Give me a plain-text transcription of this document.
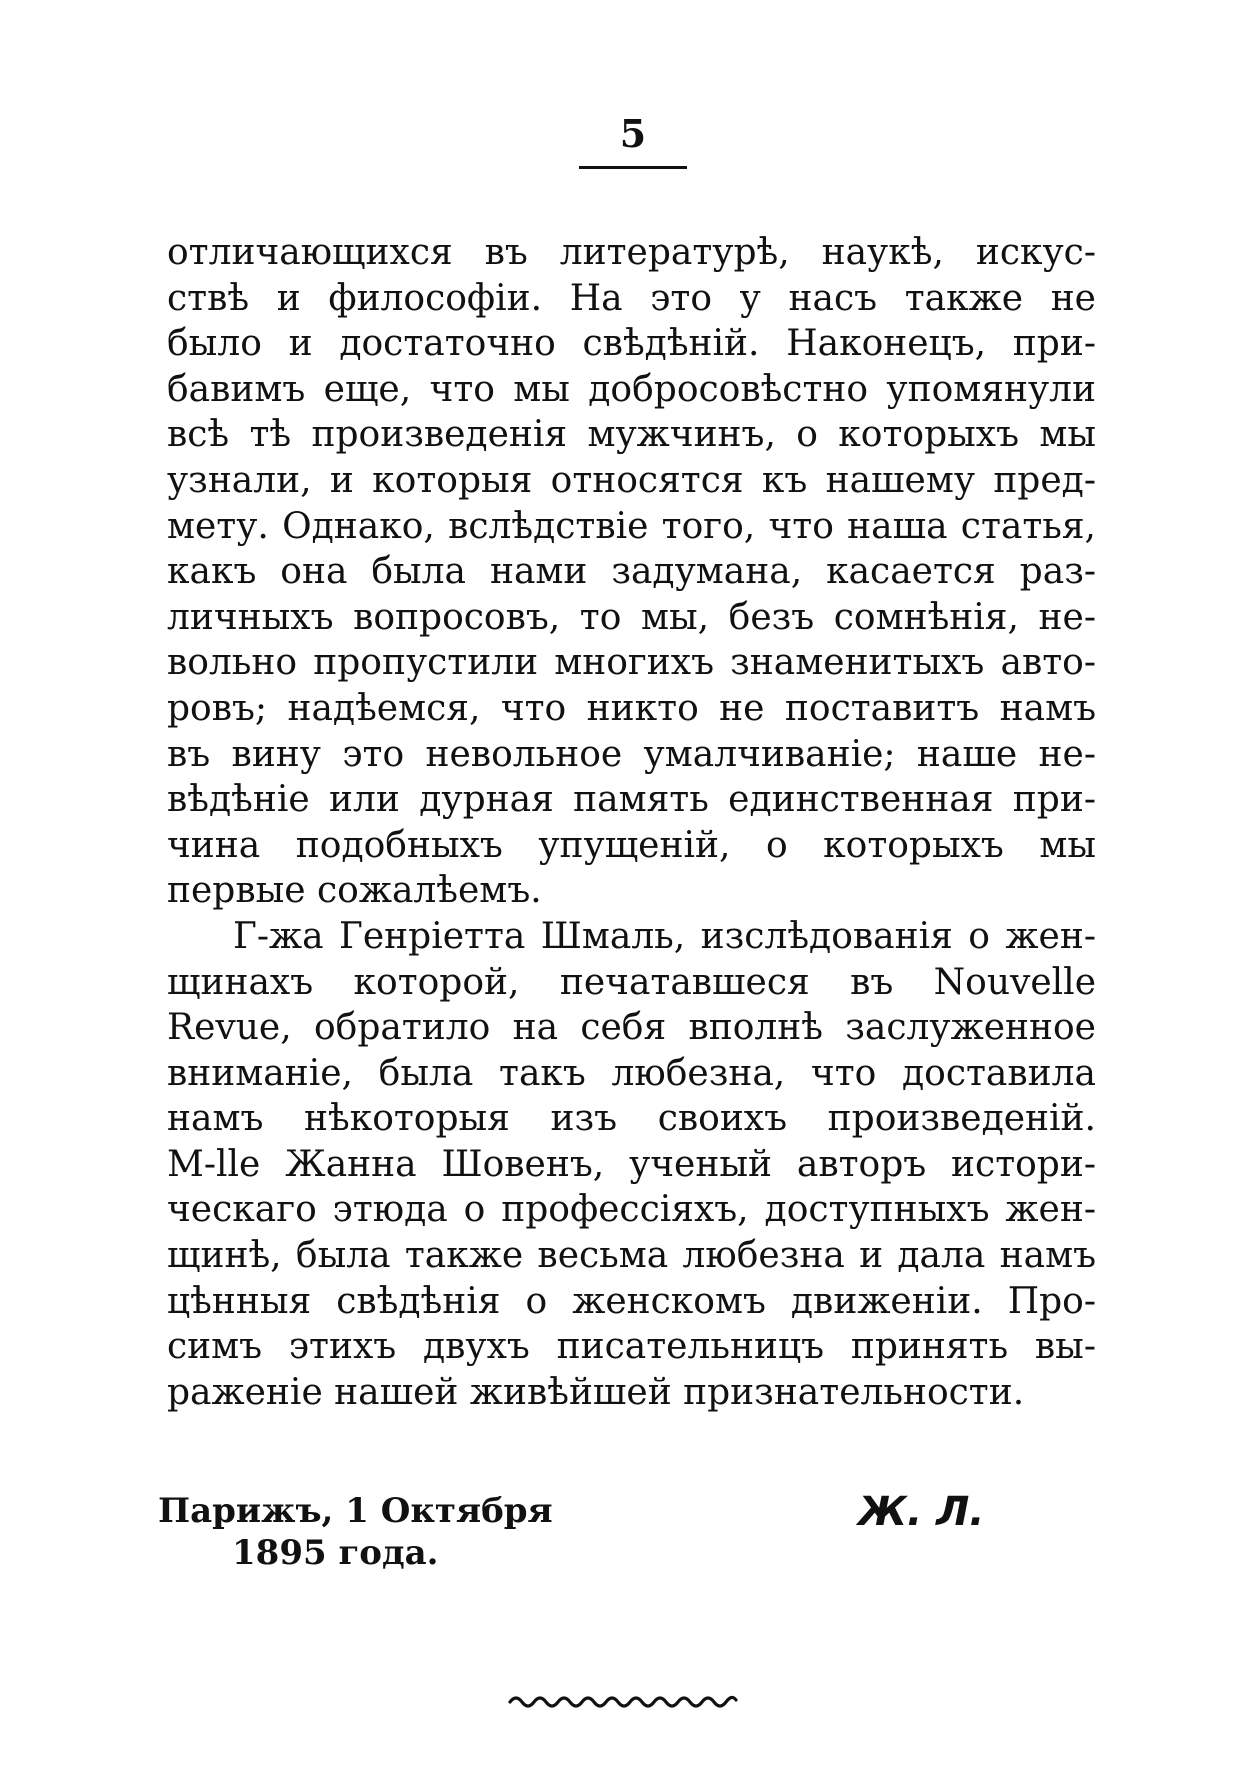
5

отличающихся въ литературѣ, наукѣ, искус-
ствѣ и философіи. На это у насъ также не
было и достаточно свѣдѣній. Наконецъ, при-
бавимъ еще, что мы добросовѣстно упомянули
всѣ тѣ произведенія мужчинъ, о которыхъ мы
узнали, и которыя относятся къ нашему пред-
мету. Однако, вслѣдствіе того, что наша статья,
какъ она была нами задумана, касается раз-
личныхъ вопросовъ, то мы, безъ сомнѣнія, не-
вольно пропустили многихъ знаменитыхъ авто-
ровъ; надѣемся, что никто не поставитъ намъ
въ вину это невольное умалчиваніе; наше не-
вѣдѣніе или дурная память единственная при-
чина подобныхъ упущеній, о которыхъ мы
первые сожалѣемъ.

Г-жа Генріетта Шмаль, изслѣдованія о жен-
щинахъ которой, печатавшеся въ Nouvelle
Revue, обратило на себя вполнѣ заслуженное
вниманіе, была такъ любезна, что доставила
намъ нѣкоторыя изъ своихъ произведеній.
M-lle Жанна Шовенъ, ученый авторъ истори-
ческаго этюда о профессіяхъ, доступныхъ жен-
щинѣ, была также весьма любезна и дала намъ
цѣнныя свѣдѣнія о женскомъ движеніи. Про-
симъ этихъ двухъ писательницъ принять вы-
раженіе нашей живѣйшей признательности.

Парижъ, 1 Октября
1895 года.
Ж. Л.
